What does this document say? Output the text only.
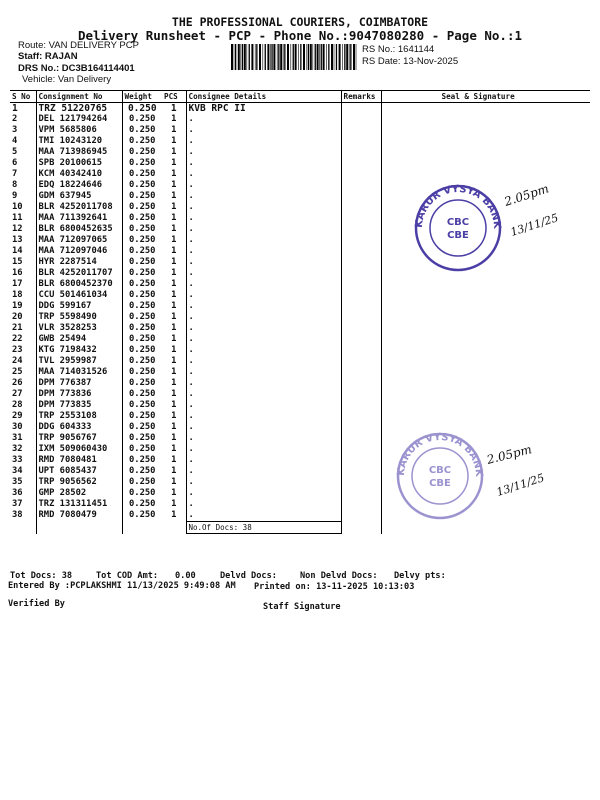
THE PROFESSIONAL COURIERS, COIMBATORE
Delivery Runsheet - PCP - Phone No.:9047080280 - Page No.:1
Route: VAN DELIVERY PCP
Staff: RAJAN
DRS No.: DC3B164114401
Vehicle: Van Delivery
RS No.: 1641144
RS Date: 13-Nov-2025
S No	Consignment No	Weight	PCS	Consignee Details	Remarks	Seal & Signature
1	TRZ 51220765	0.250	1	KVB RPC II		
2	DEL 121794264	0.250	1	.		
3	VPM 5685806	0.250	1	.		
4	TMI 10243120	0.250	1	.		
5	MAA 713986945	0.250	1	.		
6	SPB 20100615	0.250	1	.		
7	KCM 40342410	0.250	1	.		
8	EDQ 18224646	0.250	1	.		
9	GDM 637945	0.250	1	.		
10	BLR 4252011708	0.250	1	.		
11	MAA 711392641	0.250	1	.		
12	BLR 6800452635	0.250	1	.		
13	MAA 712097065	0.250	1	.		
14	MAA 712097046	0.250	1	.		
15	HYR 2287514	0.250	1	.		
16	BLR 4252011707	0.250	1	.		
17	BLR 6800452370	0.250	1	.		
18	CCU 501461034	0.250	1	.		
19	DDG 599167	0.250	1	.		
20	TRP 5598490	0.250	1	.		
21	VLR 3528253	0.250	1	.		
22	GWB 25494	0.250	1	.		
23	KTG 7198432	0.250	1	.		
24	TVL 2959987	0.250	1	.		
25	MAA 714031526	0.250	1	.		
26	DPM 776387	0.250	1	.		
27	DPM 773836	0.250	1	.		
28	DPM 773835	0.250	1	.		
29	TRP 2553108	0.250	1	.		
30	DDG 604333	0.250	1	.		
31	TRP 9056767	0.250	1	.		
32	IXM 509060430	0.250	1	.		
33	RMD 7080481	0.250	1	.		
34	UPT 6085437	0.250	1	.		
35	TRP 9056562	0.250	1	.		
36	GMP 28502	0.250	1	.		
37	TRZ 131311451	0.250	1	.		
38	RMD 7080479	0.250	1	.		
				No.Of Docs: 38		
KARUR VYSYA BANK
CBC
CBE
2.05pm
13/11/25
KARUR VYSYA BANK
CBC
CBE
2.05pm
13/11/25
Tot Docs: 38	Tot COD Amt: 0.00	Delvd Docs:	Non Delvd Docs: Delvy pts:
Entered By :PCPLAKSHMI 11/13/2025 9:49:08 AM Printed on: 13-11-2025 10:13:03
Verified By	Staff Signature
